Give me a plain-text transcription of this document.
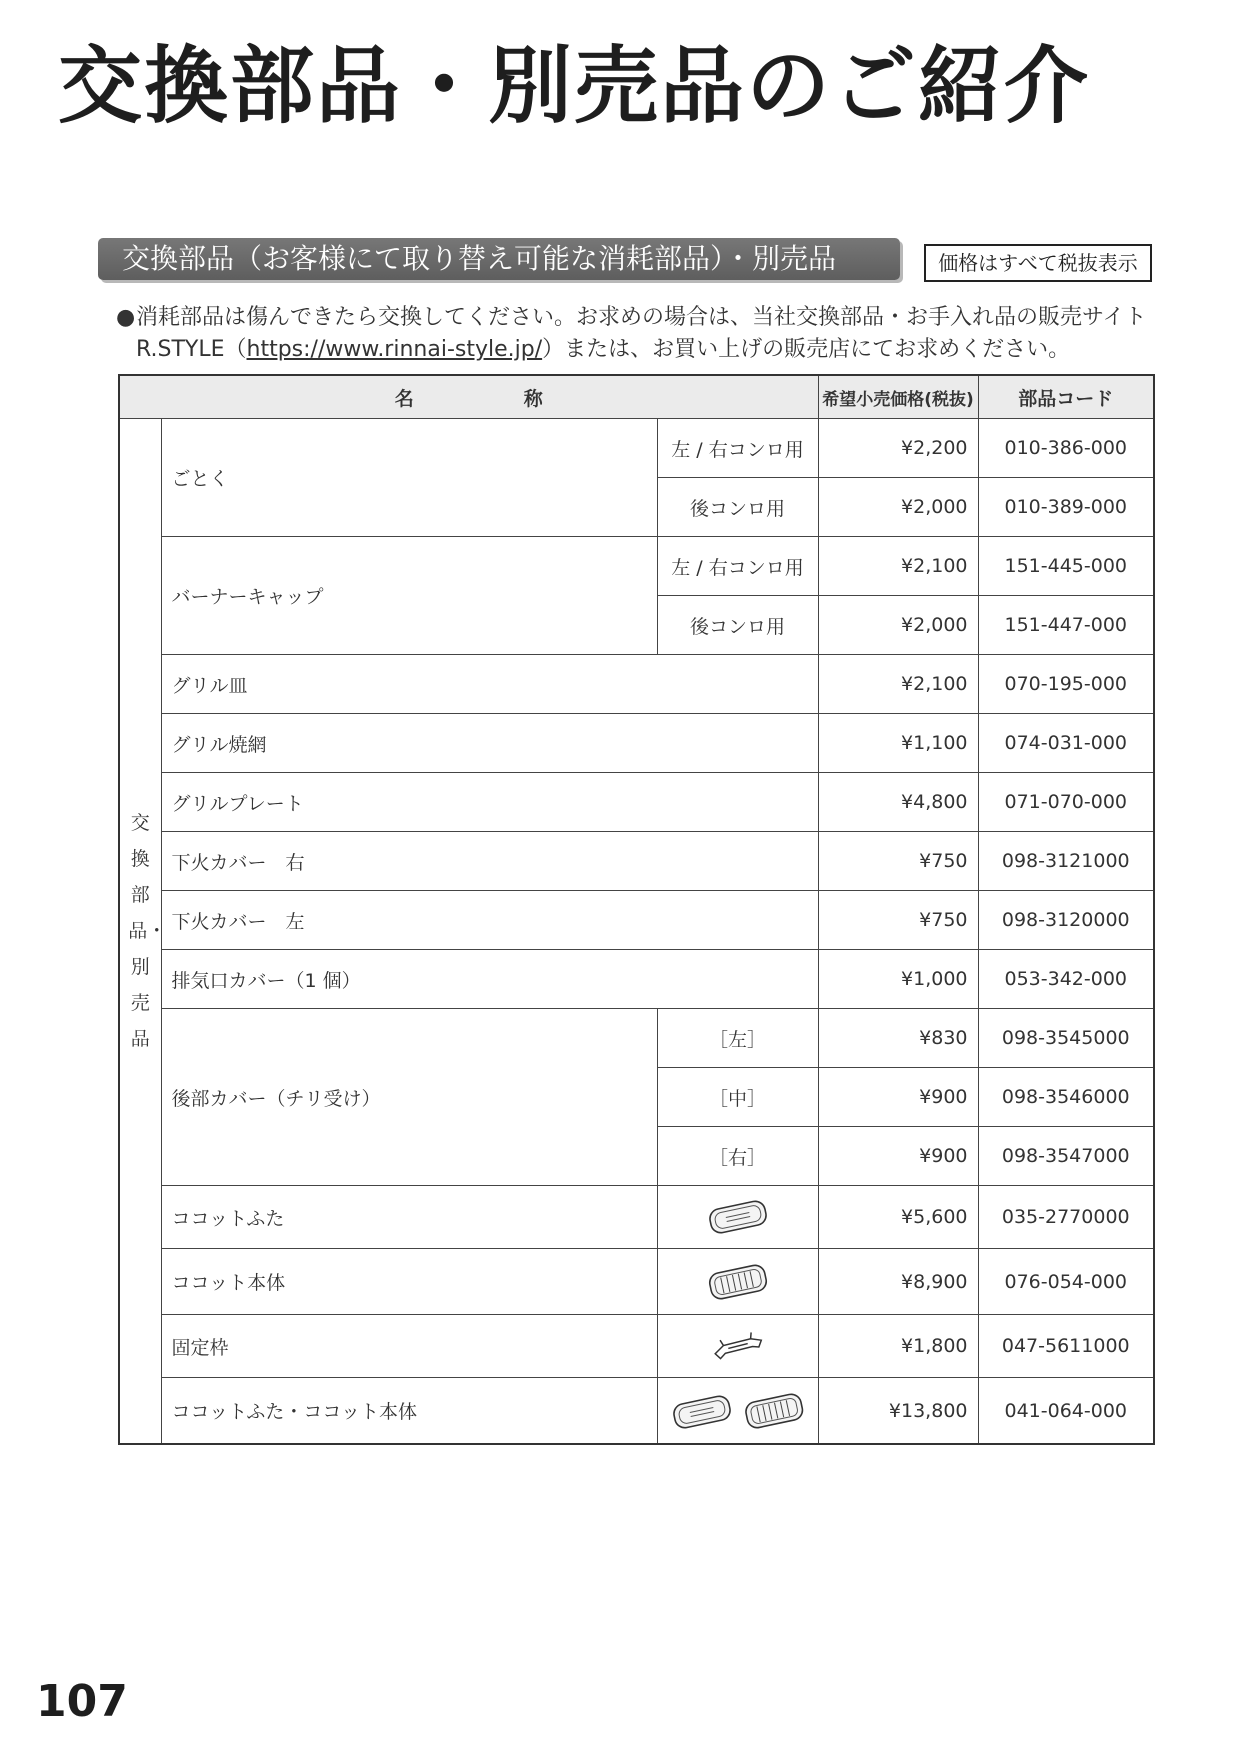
交換部品・別売品のご紹介
交換部品（お客様にて取り替え可能な消耗部品）・別売品	価格はすべて税抜表示
● 消耗部品は傷んできたら交換してください。お求めの場合は、当社交換部品・お手入れ品の販売サイト
R.STYLE（https://www.rinnai-style.jp/）または、お買い上げの販売店にてお求めください。
名 称			希望小売価格(税抜)	部品コード
交換部品・別売品	ごとく	左 / 右コンロ用	¥2,200	010-386-000
		後コンロ用	¥2,000	010-389-000
	バーナーキャップ	左 / 右コンロ用	¥2,100	151-445-000
		後コンロ用	¥2,000	151-447-000
	グリル皿		¥2,100	070-195-000
	グリル焼網		¥1,100	074-031-000
	グリルプレート		¥4,800	071-070-000
	下火カバー　右		¥750	098-3121000
	下火カバー　左		¥750	098-3120000
	排気口カバー（1 個）		¥1,000	053-342-000
	後部カバー（チリ受け）	［左］	¥830	098-3545000
		［中］	¥900	098-3546000
		［右］	¥900	098-3547000
	ココットふた		¥5,600	035-2770000
	ココット本体		¥8,900	076-054-000
	固定枠		¥1,800	047-5611000
	ココットふた・ココット本体		¥13,800	041-064-000
107
